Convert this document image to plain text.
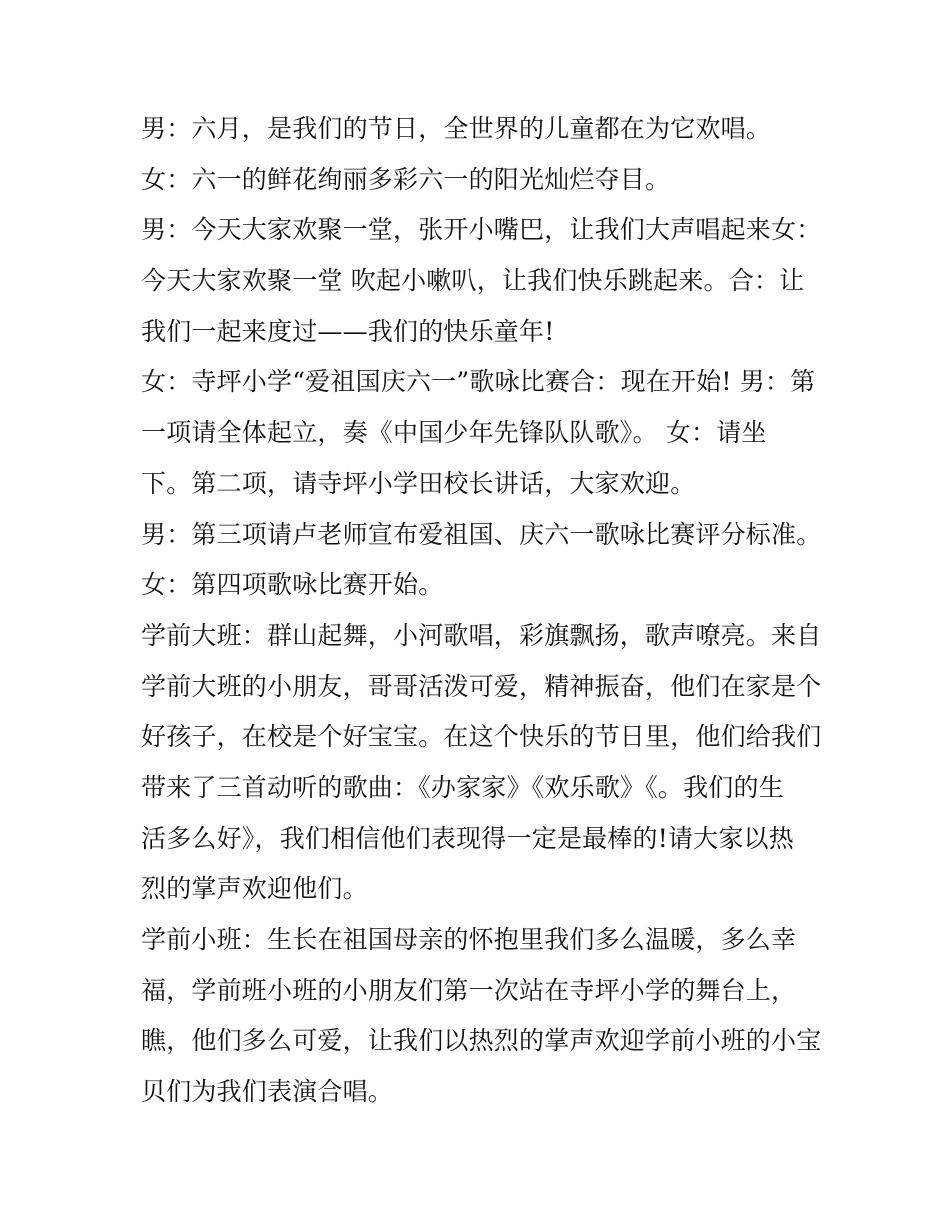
男：六月，是我们的节日，全世界的儿童都在为它欢唱。
女：六一的鲜花绚丽多彩六一的阳光灿烂夺目。
男：今天大家欢聚一堂，张开小嘴巴，让我们大声唱起来女：
今天大家欢聚一堂 吹起小嗽叭，让我们快乐跳起来。合：让
我们一起来度过——我们的快乐童年!
女：寺坪小学“爱祖国庆六一”歌咏比赛合：现在开始! 男：第
一项请全体起立，奏《中国少年先锋队队歌》。 女：请坐
下。第二项，请寺坪小学田校长讲话，大家欢迎。
男：第三项请卢老师宣布爱祖国、庆六一歌咏比赛评分标准。
女：第四项歌咏比赛开始。
学前大班：群山起舞，小河歌唱，彩旗飘扬，歌声嘹亮。来自
学前大班的小朋友，哥哥活泼可爱，精神振奋，他们在家是个
好孩子，在校是个好宝宝。在这个快乐的节日里，他们给我们
带来了三首动听的歌曲：《办家家》《欢乐歌》《。我们的生
活多么好》，我们相信他们表现得一定是最棒的!请大家以热
烈的掌声欢迎他们。
学前小班：生长在祖国母亲的怀抱里我们多么温暖，多么幸
福，学前班小班的小朋友们第一次站在寺坪小学的舞台上，
瞧，他们多么可爱，让我们以热烈的掌声欢迎学前小班的小宝
贝们为我们表演合唱。
